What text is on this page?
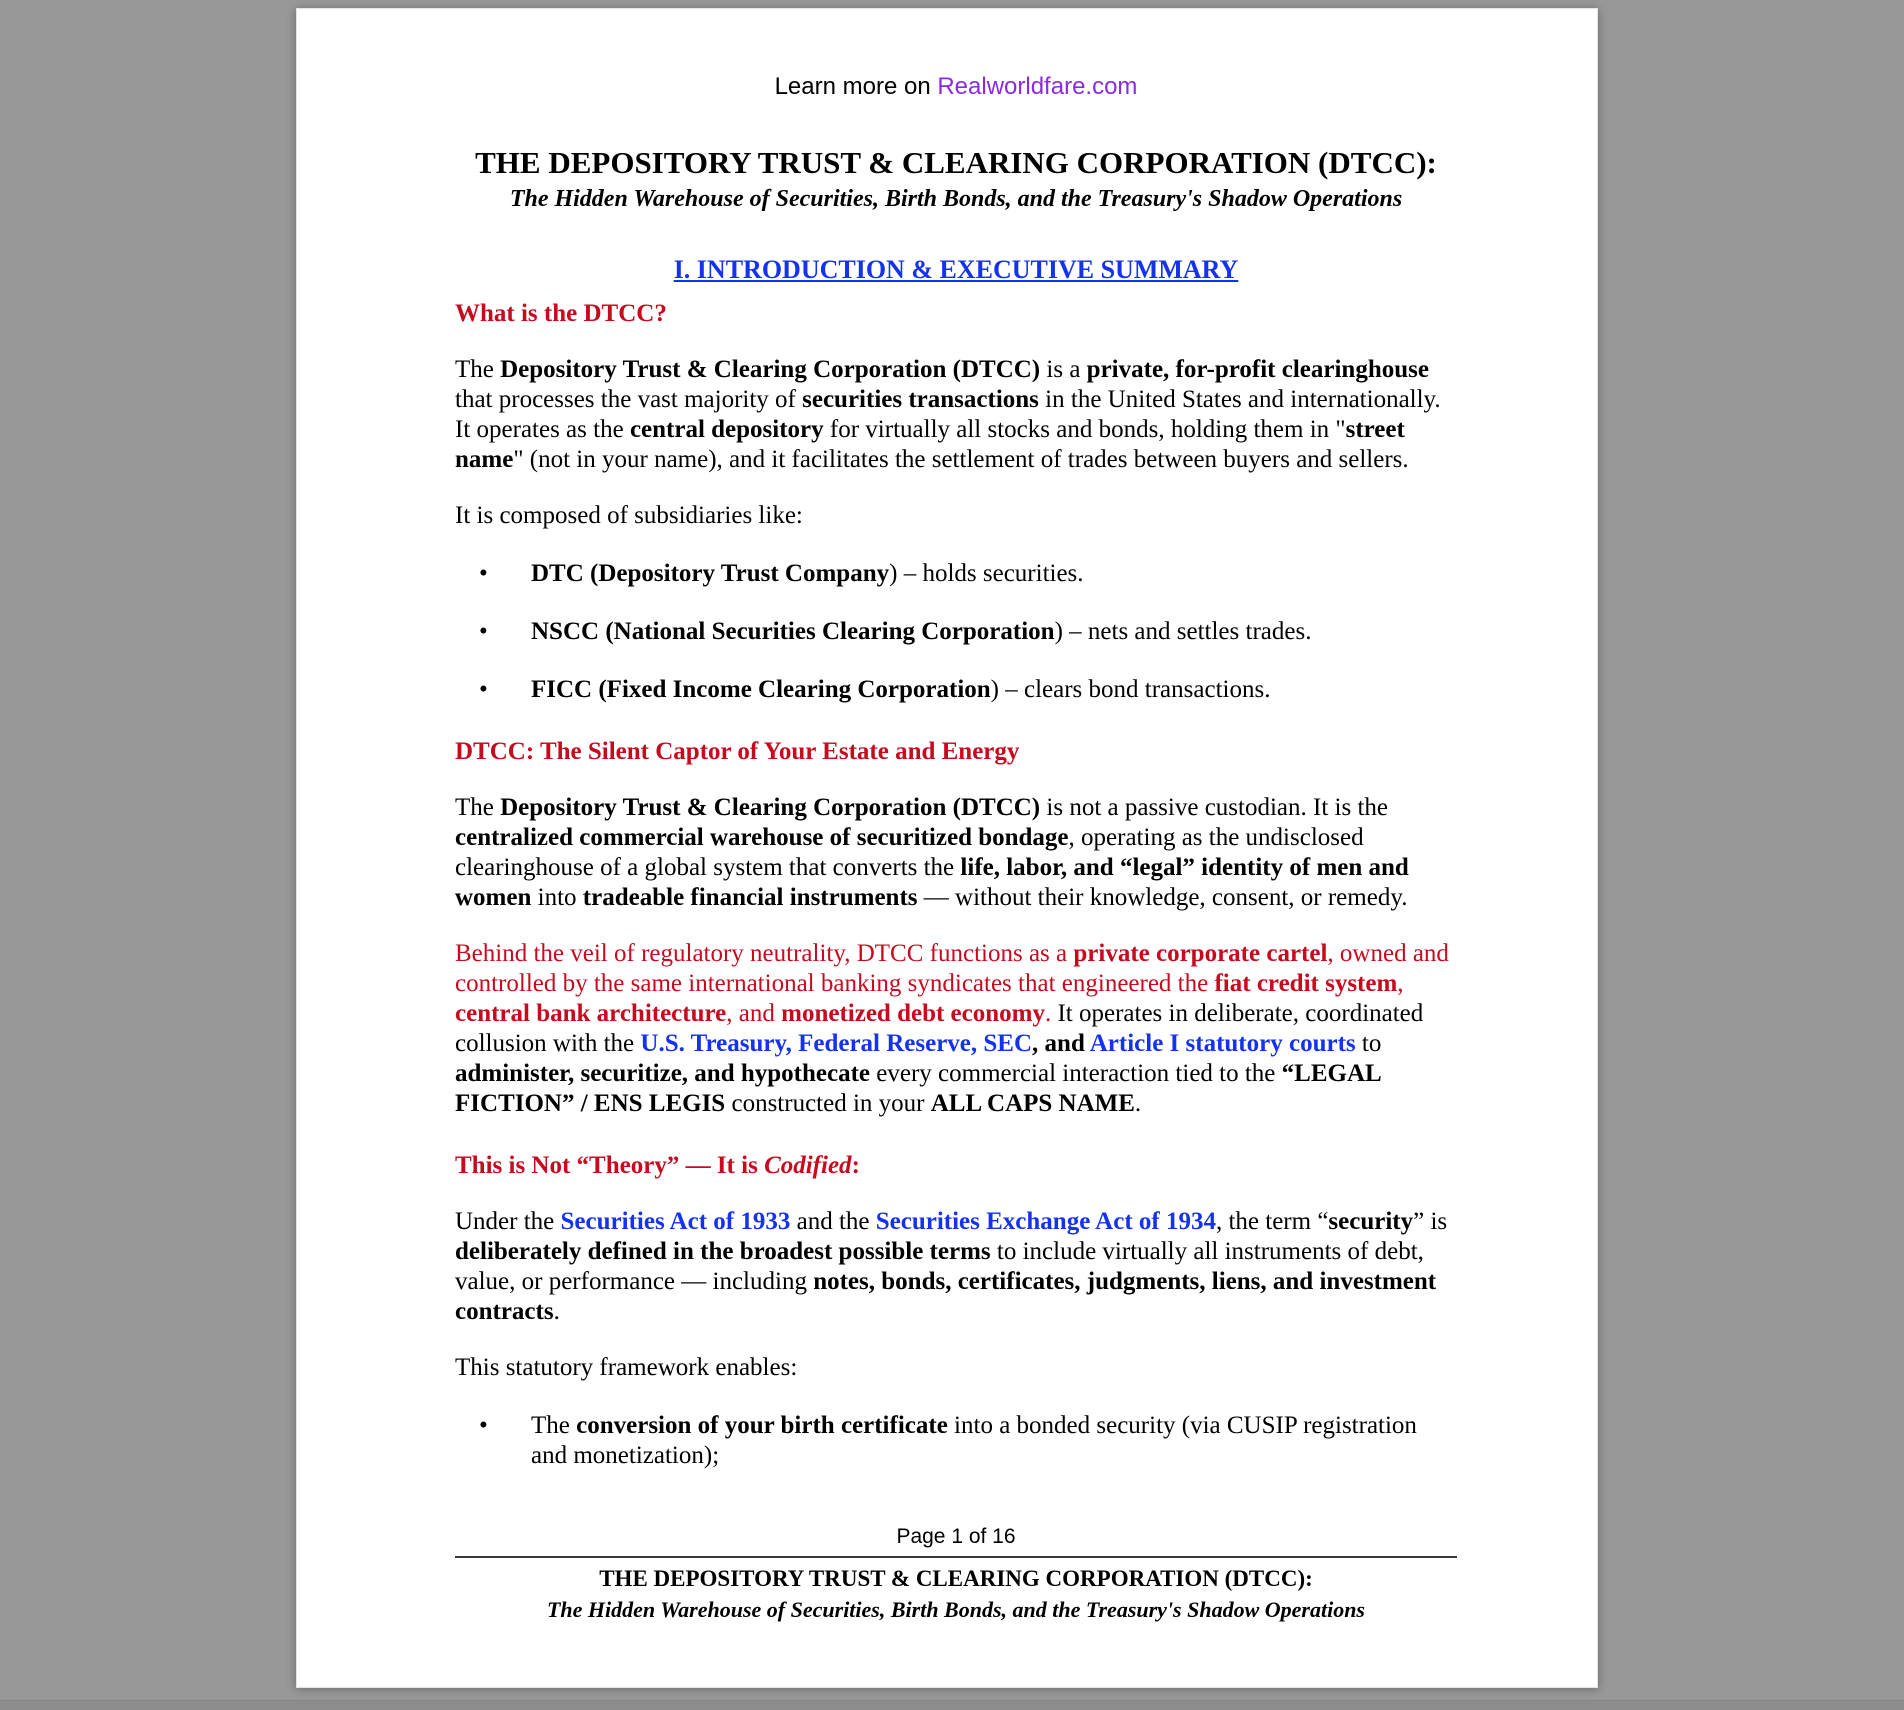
Learn more on Realworldfare.com

THE DEPOSITORY TRUST & CLEARING CORPORATION (DTCC):

The Hidden Warehouse of Securities, Birth Bonds, and the Treasury's Shadow Operations

I. INTRODUCTION & EXECUTIVE SUMMARY

What is the DTCC?

The Depository Trust & Clearing Corporation (DTCC) is a private, for-profit clearinghouse that processes the vast majority of securities transactions in the United States and internationally. It operates as the central depository for virtually all stocks and bonds, holding them in "street name" (not in your name), and it facilitates the settlement of trades between buyers and sellers.

It is composed of subsidiaries like:

• DTC (Depository Trust Company) – holds securities.
• NSCC (National Securities Clearing Corporation) – nets and settles trades.
• FICC (Fixed Income Clearing Corporation) – clears bond transactions.

DTCC: The Silent Captor of Your Estate and Energy

The Depository Trust & Clearing Corporation (DTCC) is not a passive custodian. It is the centralized commercial warehouse of securitized bondage, operating as the undisclosed clearinghouse of a global system that converts the life, labor, and “legal” identity of men and women into tradeable financial instruments — without their knowledge, consent, or remedy.

Behind the veil of regulatory neutrality, DTCC functions as a private corporate cartel, owned and controlled by the same international banking syndicates that engineered the fiat credit system, central bank architecture, and monetized debt economy. It operates in deliberate, coordinated collusion with the U.S. Treasury, Federal Reserve, SEC, and Article I statutory courts to administer, securitize, and hypothecate every commercial interaction tied to the “LEGAL FICTION” / ENS LEGIS constructed in your ALL CAPS NAME.

This is Not “Theory” — It is Codified:

Under the Securities Act of 1933 and the Securities Exchange Act of 1934, the term “security” is deliberately defined in the broadest possible terms to include virtually all instruments of debt, value, or performance — including notes, bonds, certificates, judgments, liens, and investment contracts.

This statutory framework enables:

• The conversion of your birth certificate into a bonded security (via CUSIP registration and monetization);

Page 1 of 16

THE DEPOSITORY TRUST & CLEARING CORPORATION (DTCC):

The Hidden Warehouse of Securities, Birth Bonds, and the Treasury's Shadow Operations
